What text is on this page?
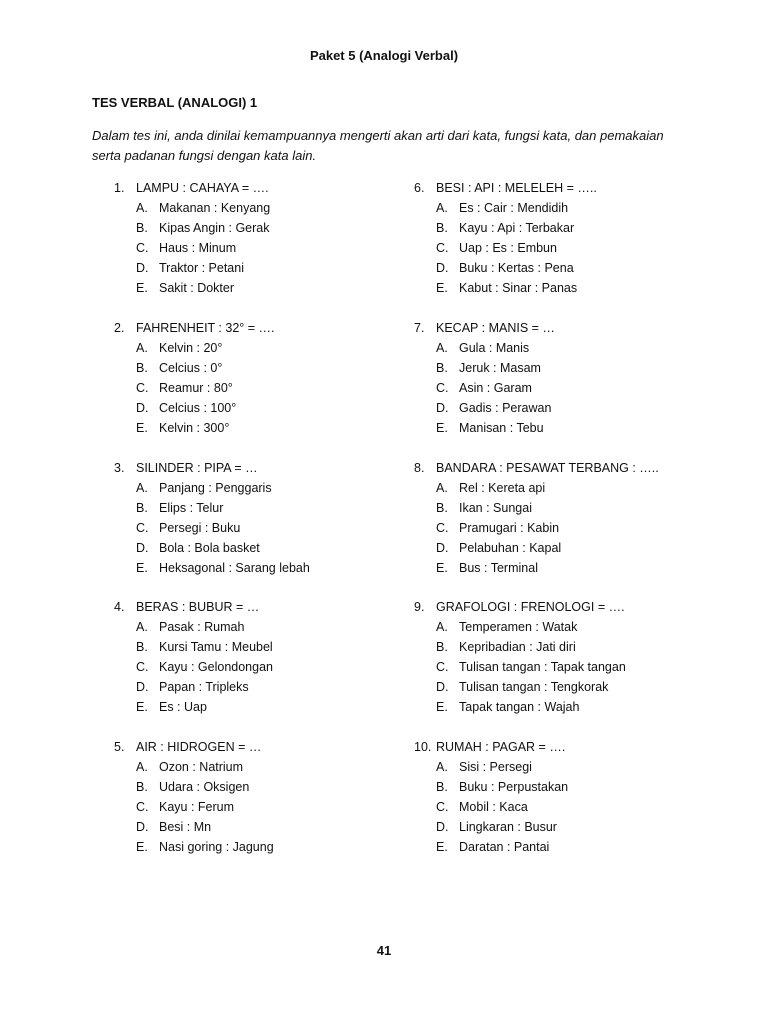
Paket 5 (Analogi Verbal)
TES VERBAL (ANALOGI) 1
Dalam tes ini, anda dinilai kemampuannya mengerti akan arti dari kata, fungsi kata, dan pemakaian serta padanan fungsi dengan kata lain.
1. LAMPU : CAHAYA = ….
A. Makanan : Kenyang
B. Kipas Angin : Gerak
C. Haus : Minum
D. Traktor : Petani
E. Sakit : Dokter
2. FAHRENHEIT : 32° = ….
A. Kelvin : 20°
B. Celcius : 0°
C. Reamur : 80°
D. Celcius : 100°
E. Kelvin : 300°
3. SILINDER : PIPA = …
A. Panjang : Penggaris
B. Elips : Telur
C. Persegi : Buku
D. Bola : Bola basket
E. Heksagonal : Sarang lebah
4. BERAS : BUBUR = …
A. Pasak : Rumah
B. Kursi Tamu : Meubel
C. Kayu : Gelondongan
D. Papan : Tripleks
E. Es : Uap
5. AIR : HIDROGEN = …
A. Ozon : Natrium
B. Udara : Oksigen
C. Kayu : Ferum
D. Besi : Mn
E. Nasi goring : Jagung
6. BESI : API : MELELEH = …..
A. Es : Cair : Mendidih
B. Kayu : Api : Terbakar
C. Uap : Es : Embun
D. Buku : Kertas : Pena
E. Kabut : Sinar : Panas
7. KECAP : MANIS = …
A. Gula : Manis
B. Jeruk : Masam
C. Asin : Garam
D. Gadis : Perawan
E. Manisan : Tebu
8. BANDARA : PESAWAT TERBANG : …..
A. Rel : Kereta api
B. Ikan : Sungai
C. Pramugari : Kabin
D. Pelabuhan : Kapal
E. Bus : Terminal
9. GRAFOLOGI : FRENOLOGI = ….
A. Temperamen : Watak
B. Kepribadian : Jati diri
C. Tulisan tangan : Tapak tangan
D. Tulisan tangan : Tengkorak
E. Tapak tangan : Wajah
10. RUMAH : PAGAR = ….
A. Sisi : Persegi
B. Buku : Perpustakan
C. Mobil : Kaca
D. Lingkaran : Busur
E. Daratan : Pantai
41
